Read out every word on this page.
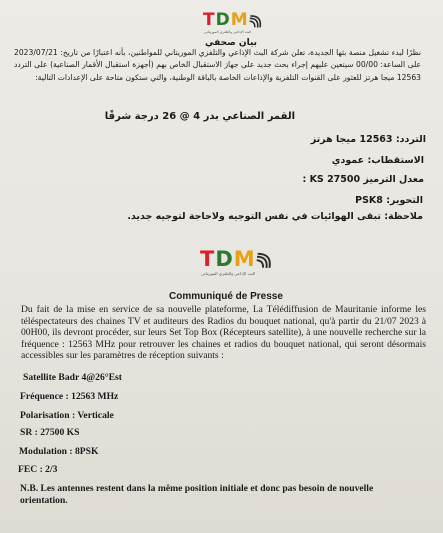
T D M
البث الإذاعي والتلفزي الموريتاني
بيان صحفي
نظرًا لبدء تشغيل منصة بثها الجديدة، تعلن شركة البث الإذاعي والتلفزي الموريتاني للمواطنين، بأنه اعتبارًا من تاريخ: 2023/07/21 على الساعة: 00/00 سيتعين عليهم إجراء بحث جديد على جهاز الاستقبال الخاص بهم (أجهزة استقبال الأقمار الصناعية) على التردد 12563 ميجا هرتز للعثور على القنوات التلفزية والإذاعات الخاصة بالباقة الوطنية، والتي ستكون متاحة على الإعدادات التالية:
القمر الصناعي بدر 4 @ 26 درجة شرقًا
التردد: 12563 ميجا هرتز
الاستقطاب: عمودي
معدل الترميز KS 27500 :
التحوير: PSK8
ملاحظة: تبقى الهوائيات في نفس التوجيه ولاحاجة لتوجيه جديد.
T D M
البث الإذاعي والتلفزي الموريتاني
Communiqué de Presse
Du fait de la mise en service de sa nouvelle plateforme, La Télédiffusion de Mauritanie informe les téléspectateurs des chaines TV et auditeurs des Radios du bouquet national, qu'à partir du 21/07 2023 à 00H00, ils devront procéder, sur leurs Set Top Box (Récepteurs satellite), à une nouvelle recherche sur la fréquence : 12563 MHz pour retrouver les chaines et radios du bouquet national, qui seront désormais accessibles sur les paramètres de réception suivants :
Satellite Badr 4@26°Est
Fréquence : 12563 MHz
Polarisation : Verticale
SR : 27500 KS
Modulation : 8PSK
FEC : 2/3
N.B. Les antennes restent dans la même position initiale et donc pas besoin de nouvelle orientation.
